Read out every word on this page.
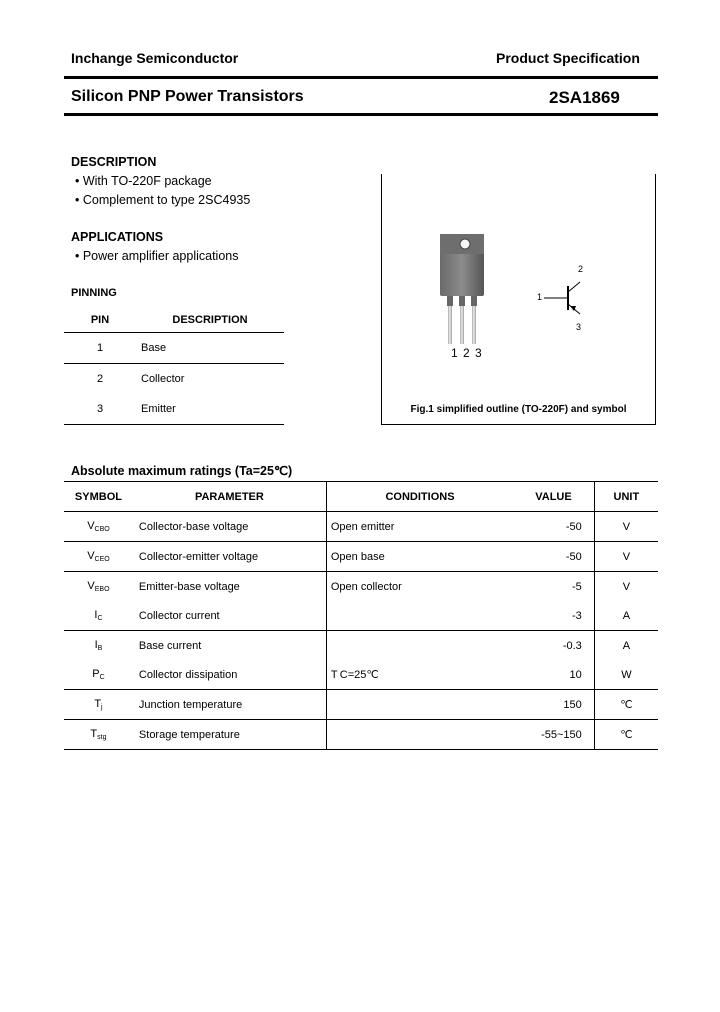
Inchange Semiconductor	Product Specification
Silicon PNP Power Transistors	2SA1869
DESCRIPTION
• With TO-220F package
• Complement to type 2SC4935
APPLICATIONS
• Power amplifier applications
PINNING
PIN	DESCRIPTION
1	Base
2	Collector
3	Emitter
1 2 3
2
1
3
Fig.1 simplified outline (TO-220F) and symbol
Absolute maximum ratings (Ta=25℃)
SYMBOL	PARAMETER	CONDITIONS	VALUE	UNIT
$V_{CBO}$	Collector-base voltage	Open emitter	-50	V
$V_{CEO}$	Collector-emitter voltage	Open base	-50	V
$V_{EBO}$	Emitter-base voltage	Open collector	-5	V
$I_C$	Collector current		-3	A
$I_B$	Base current		-0.3	A
$P_C$	Collector dissipation	T C=25℃	10	W
$T_j$	Junction temperature		150	℃
$T_{stg}$	Storage temperature		-55~150	℃
